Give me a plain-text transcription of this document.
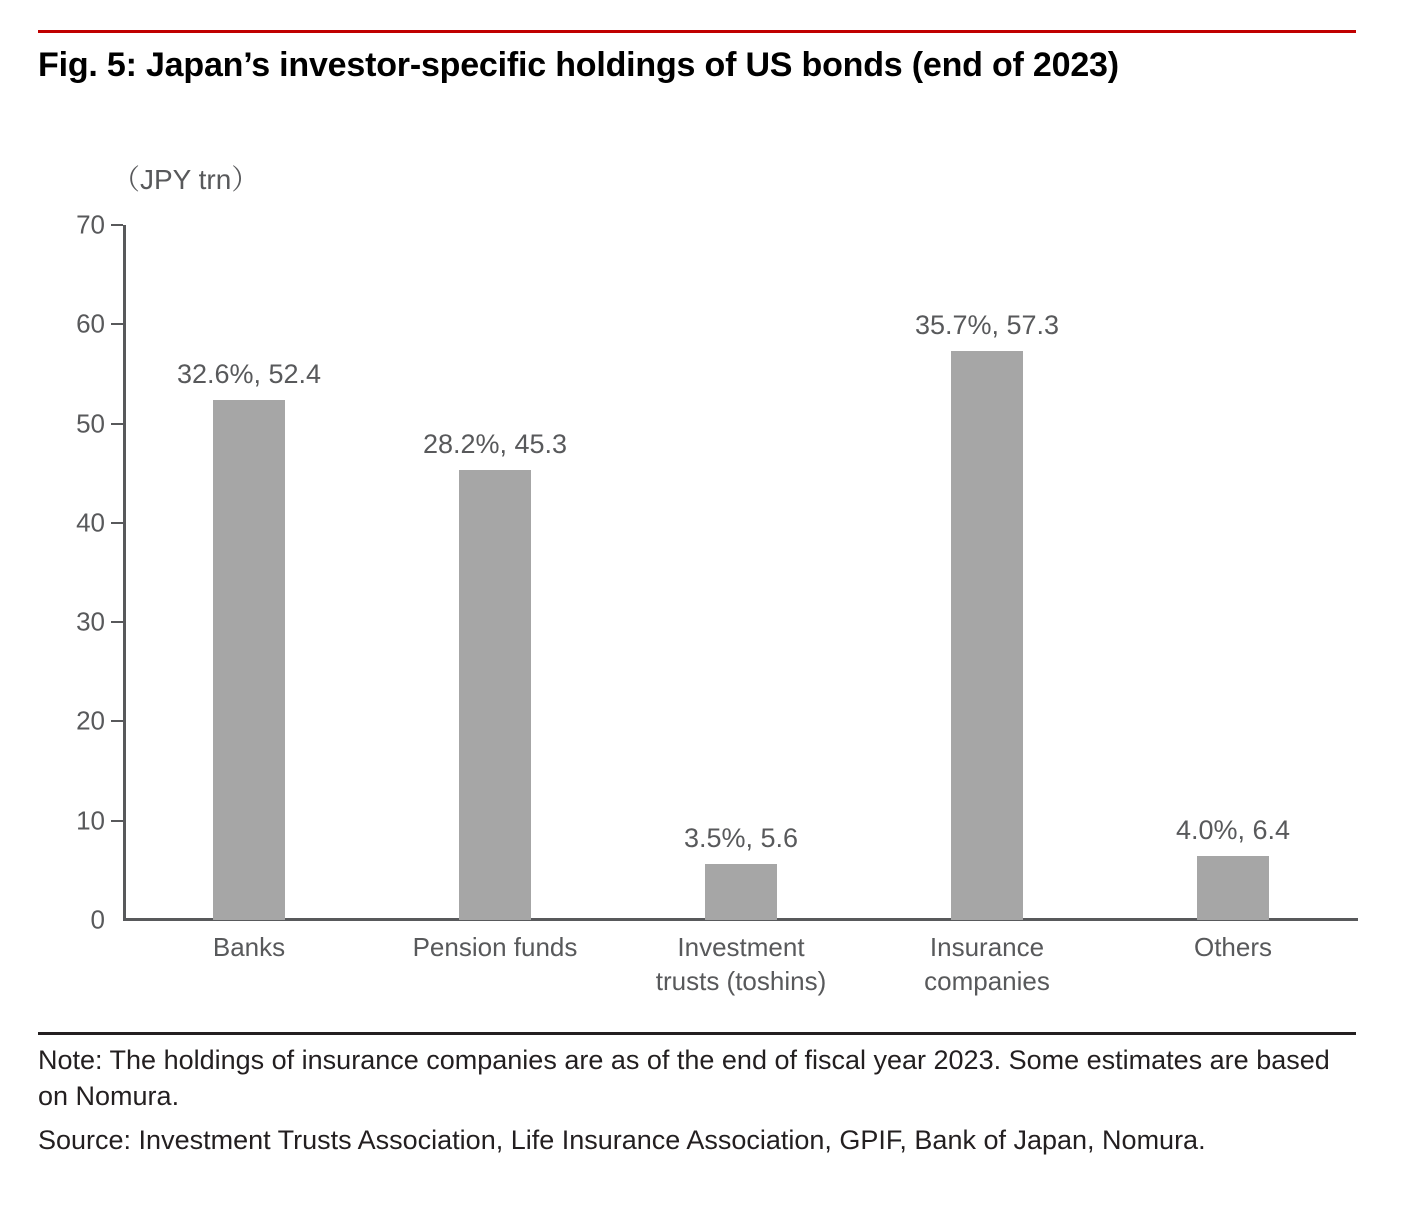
Fig. 5: Japan’s investor-specific holdings of US bonds (end of 2023)
（JPY trn）
0
10
20
30
40
50
60
70
32.6%, 52.4
28.2%, 45.3
3.5%, 5.6
35.7%, 57.3
4.0%, 6.4
Banks	Pension funds	Investment
trusts (toshins)
Insurance
companies
Others
Note: The holdings of insurance companies are as of the end of fiscal year 2023. Some estimates are based on Nomura.
Source: Investment Trusts Association, Life Insurance Association, GPIF, Bank of Japan, Nomura.
